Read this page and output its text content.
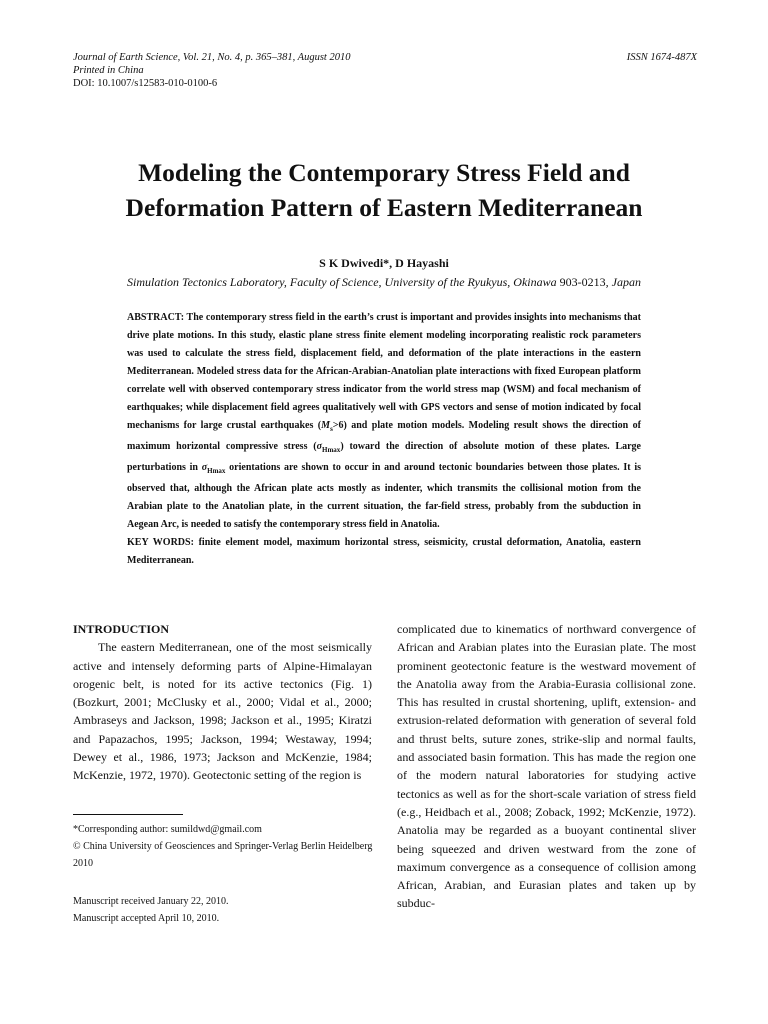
Journal of Earth Science, Vol. 21, No. 4, p. 365–381, August 2010
Printed in China
DOI: 10.1007/s12583-010-0100-6
ISSN 1674-487X
Modeling the Contemporary Stress Field and
Deformation Pattern of Eastern Mediterranean
S K Dwivedi*, D Hayashi
Simulation Tectonics Laboratory, Faculty of Science, University of the Ryukyus, Okinawa 903-0213, Japan

ABSTRACT: The contemporary stress field in the earth’s crust is important and provides insights into mechanisms that drive plate motions. In this study, elastic plane stress finite element modeling incorporating realistic rock parameters was used to calculate the stress field, displacement field, and deformation of the plate interactions in the eastern Mediterranean. Modeled stress data for the African-Arabian-Anatolian plate interactions with fixed European platform correlate well with observed contemporary stress indicator from the world stress map (WSM) and focal mechanism of earthquakes; while displacement field agrees qualitatively well with GPS vectors and sense of motion indicated by focal mechanisms for large crustal earthquakes $(M_s>6)$ and plate motion models. Modeling result shows the direction of maximum horizontal compressive stress $(\sigma_{Hmax})$ toward the direction of absolute motion of these plates. Large perturbations in $\sigma_{Hmax}$ orientations are shown to occur in and around tectonic boundaries between those plates. It is observed that, although the African plate acts mostly as indenter, which transmits the collisional motion from the Arabian plate to the Anatolian plate, in the current situation, the far-field stress, probably from the subduction in Aegean Arc, is needed to satisfy the contemporary stress field in Anatolia.

KEY WORDS: finite element model, maximum horizontal stress, seismicity, crustal deformation, Anatolia, eastern Mediterranean.

INTRODUCTION

The eastern Mediterranean, one of the most seismically active and intensely deforming parts of Alpine-Himalayan orogenic belt, is noted for its active tectonics (Fig. 1) (Bozkurt, 2001; McClusky et al., 2000; Vidal et al., 2000; Ambraseys and Jackson, 1998; Jackson et al., 1995; Kiratzi and Papazachos, 1995; Jackson, 1994; Westaway, 1994; Dewey et al., 1986, 1973; Jackson and McKenzie, 1984; McKenzie, 1972, 1970). Geotectonic setting of the region is

*Corresponding author: sumildwd@gmail.com

© China University of Geosciences and Springer-Verlag Berlin Heidelberg 2010

Manuscript received January 22, 2010.

Manuscript accepted April 10, 2010.

complicated due to kinematics of northward convergence of African and Arabian plates into the Eurasian plate. The most prominent geotectonic feature is the westward movement of the Anatolia away from the Arabia-Eurasia collisional zone. This has resulted in crustal shortening, uplift, extension- and extrusion-related deformation with generation of several fold and thrust belts, suture zones, strike-slip and normal faults, and associated basin formation. This has made the region one of the modern natural laboratories for studying active tectonics as well as for the short-scale variation of stress field (e.g., Heidbach et al., 2008; Zoback, 1992; McKenzie, 1972). Anatolia may be regarded as a buoyant continental sliver being squeezed and driven westward from the zone of maximum convergence as a consequence of collision among African, Arabian, and Eurasian plates and taken up by subduc-
